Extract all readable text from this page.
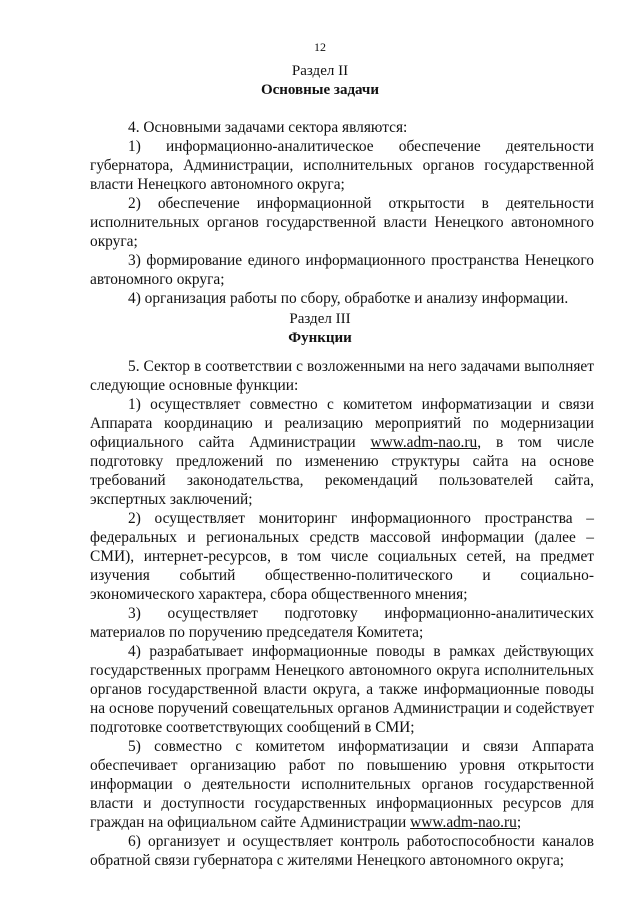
12
Раздел II
Основные задачи

4. Основными задачами сектора являются:

1) информационно-аналитическое обеспечение деятельности губернатора, Администрации, исполнительных органов государственной власти Ненецкого автономного округа;

2) обеспечение информационной открытости в деятельности исполнительных органов государственной власти Ненецкого автономного округа;

3) формирование единого информационного пространства Ненецкого автономного округа;

4) организация работы по сбору, обработке и анализу информации.

Раздел III
Функции

5. Сектор в соответствии с возложенными на него задачами выполняет следующие основные функции:

1) осуществляет совместно с комитетом информатизации и связи Аппарата координацию и реализацию мероприятий по модернизации официального сайта Администрации www.adm-nao.ru, в том числе подготовку предложений по изменению структуры сайта на основе требований законодательства, рекомендаций пользователей сайта, экспертных заключений;

2) осуществляет мониторинг информационного пространства – федеральных и региональных средств массовой информации (далее – СМИ), интернет-ресурсов, в том числе социальных сетей, на предмет изучения событий общественно-политического и социально-экономического характера, сбора общественного мнения;

3) осуществляет подготовку информационно-аналитических материалов по поручению председателя Комитета;

4) разрабатывает информационные поводы в рамках действующих государственных программ Ненецкого автономного округа исполнительных органов государственной власти округа, а также информационные поводы на основе поручений совещательных органов Администрации и содействует подготовке соответствующих сообщений в СМИ;

5) совместно с комитетом информатизации и связи Аппарата обеспечивает организацию работ по повышению уровня открытости информации о деятельности исполнительных органов государственной власти и доступности государственных информационных ресурсов для граждан на официальном сайте Администрации www.adm-nao.ru;

6) организует и осуществляет контроль работоспособности каналов обратной связи губернатора с жителями Ненецкого автономного округа;
